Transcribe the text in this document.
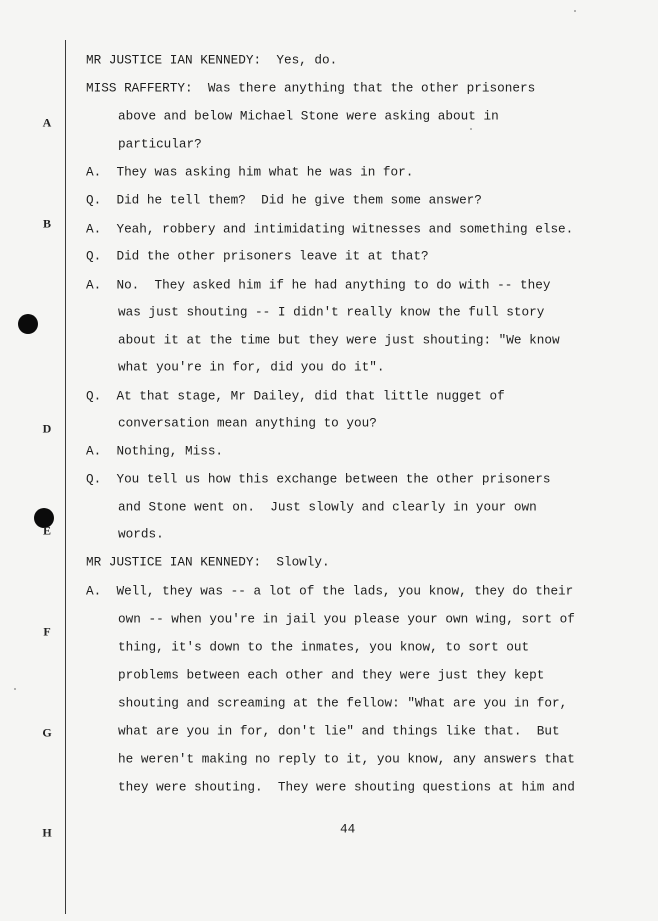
A
B
D
E
F
G
H
MR JUSTICE IAN KENNEDY:  Yes, do.
MISS RAFFERTY:  Was there anything that the other prisoners
above and below Michael Stone were asking about in
particular?
A.  They was asking him what he was in for.
Q.  Did he tell them?  Did he give them some answer?
A.  Yeah, robbery and intimidating witnesses and something else.
Q.  Did the other prisoners leave it at that?
A.  No.  They asked him if he had anything to do with -- they
was just shouting -- I didn't really know the full story
about it at the time but they were just shouting: "We know
what you're in for, did you do it".
Q.  At that stage, Mr Dailey, did that little nugget of
conversation mean anything to you?
A.  Nothing, Miss.
Q.  You tell us how this exchange between the other prisoners
and Stone went on.  Just slowly and clearly in your own
words.
MR JUSTICE IAN KENNEDY:  Slowly.
A.  Well, they was -- a lot of the lads, you know, they do their
own -- when you're in jail you please your own wing, sort of
thing, it's down to the inmates, you know, to sort out
problems between each other and they were just they kept
shouting and screaming at the fellow: "What are you in for,
what are you in for, don't lie" and things like that.  But
he weren't making no reply to it, you know, any answers that
they were shouting.  They were shouting questions at him and
44
